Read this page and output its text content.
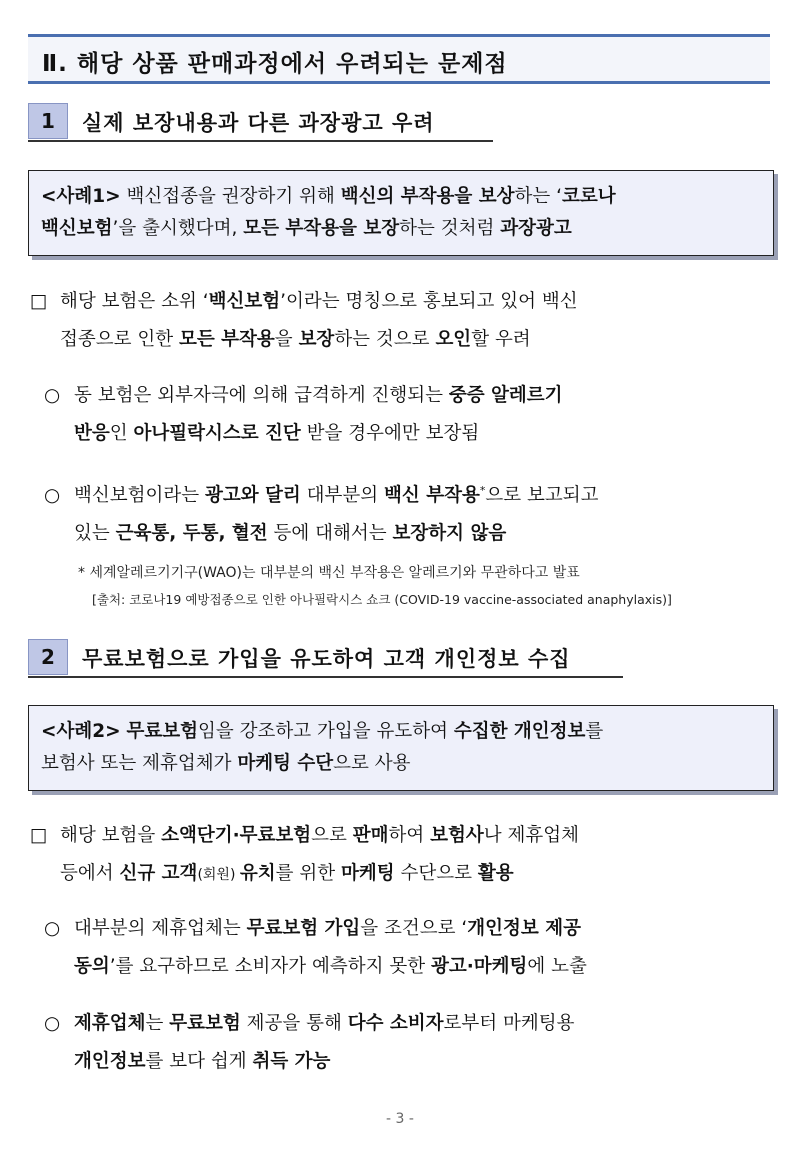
Ⅱ. 해당 상품 판매과정에서 우려되는 문제점
1	실제 보장내용과 다른 과장광고 우려
<사례1> 백신접종을 권장하기 위해 백신의 부작용을 보상하는 ‘코로나
백신보험’을 출시했다며, 모든 부작용을 보장하는 것처럼 과장광고
□ 해당 보험은 소위 ‘백신보험’이라는 명칭으로 홍보되고 있어 백신
접종으로 인한 모든 부작용을 보장하는 것으로 오인할 우려
○ 동 보험은 외부자극에 의해 급격하게 진행되는 중증 알레르기
반응인 아나필락시스로 진단 받을 경우에만 보장됨
○ 백신보험이라는 광고와 달리 대부분의 백신 부작용*으로 보고되고
있는 근육통, 두통, 혈전 등에 대해서는 보장하지 않음
* 세계알레르기기구(WAO)는 대부분의 백신 부작용은 알레르기와 무관하다고 발표
[출처: 코로나19 예방접종으로 인한 아나필락시스 쇼크 (COVID-19 vaccine-associated anaphylaxis)]
2	무료보험으로 가입을 유도하여 고객 개인정보 수집
<사례2> 무료보험임을 강조하고 가입을 유도하여 수집한 개인정보를
보험사 또는 제휴업체가 마케팅 수단으로 사용
□ 해당 보험을 소액단기·무료보험으로 판매하여 보험사나 제휴업체
등에서 신규 고객(회원) 유치를 위한 마케팅 수단으로 활용
○ 대부분의 제휴업체는 무료보험 가입을 조건으로 ‘개인정보 제공
동의’를 요구하므로 소비자가 예측하지 못한 광고·마케팅에 노출
○ 제휴업체는 무료보험 제공을 통해 다수 소비자로부터 마케팅용
개인정보를 보다 쉽게 취득 가능
- 3 -
